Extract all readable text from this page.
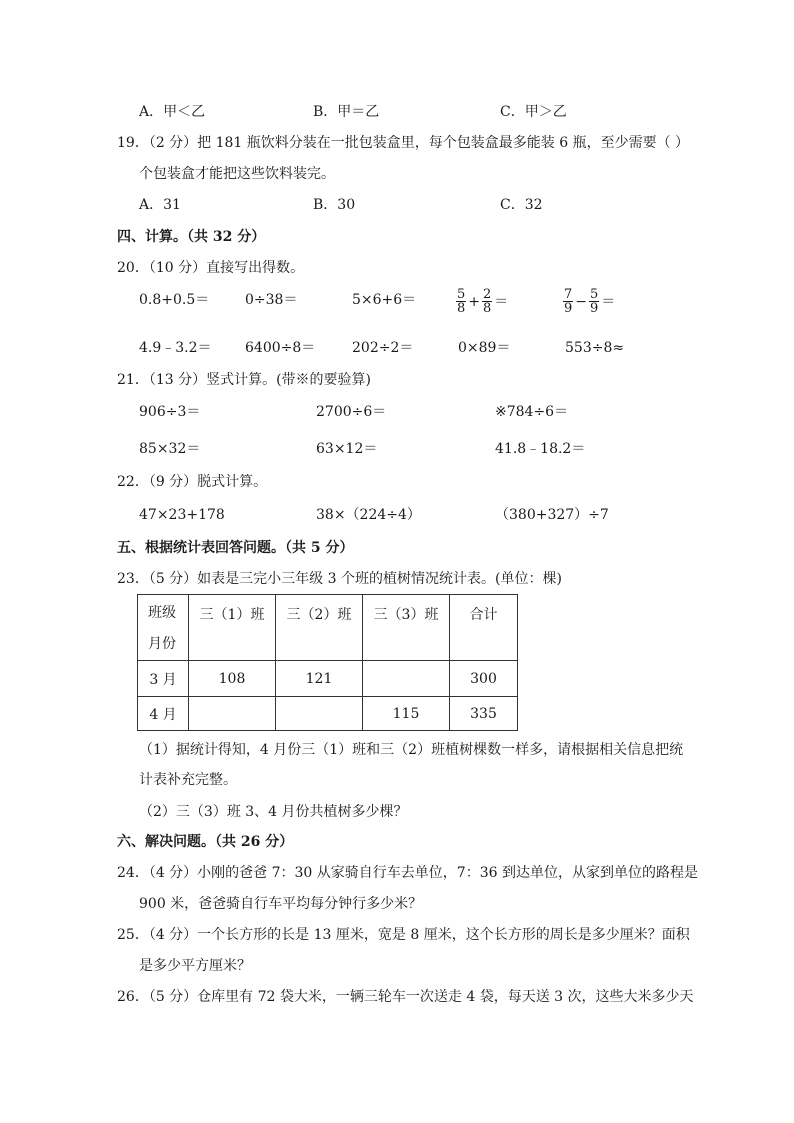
A．甲＜乙	B．甲＝乙	C．甲＞乙
19．（2 分）把 181 瓶饮料分装在一批包装盒里，每个包装盒最多能装 6 瓶，至少需要（ ）
个包装盒才能把这些饮料装完。
A．31	B．30	C．32
四、计算。（共 32 分）
20．（10 分）直接写出得数。
0.8+0.5＝	0÷38＝	5×6+6＝	$\frac{5}{8} + \frac{2}{8}$ ＝	$\frac{7}{9} - \frac{5}{9}$ ＝
4.9﹣3.2＝ 6400÷8＝	202÷2＝	0×89＝	553÷8≈
21．（13 分）竖式计算。(带※的要验算)
906÷3＝	2700÷6＝	※784÷6＝
85×32＝	63×12＝	41.8﹣18.2＝
22．（9 分）脱式计算。
47×23+178	38×（224÷4）	（380+327）÷7
五、根据统计表回答问题。（共 5 分）
23．（5 分）如表是三完小三年级 3 个班的植树情况统计表。(单位：棵)
班级
月份	三（1）班	三（2）班	三（3）班	合计
3 月	108	121		300
4 月			115	335
（1）据统计得知，4 月份三（1）班和三（2）班植树棵数一样多，请根据相关信息把统
计表补充完整。
（2）三（3）班 3、4 月份共植树多少棵？
六、解决问题。（共 26 分）
24．（4 分）小刚的爸爸 7：30 从家骑自行车去单位，7：36 到达单位，从家到单位的路程是
900 米，爸爸骑自行车平均每分钟行多少米？
25．（4 分）一个长方形的长是 13 厘米，宽是 8 厘米，这个长方形的周长是多少厘米？面积
是多少平方厘米？
26．（5 分）仓库里有 72 袋大米，一辆三轮车一次送走 4 袋，每天送 3 次，这些大米多少天
